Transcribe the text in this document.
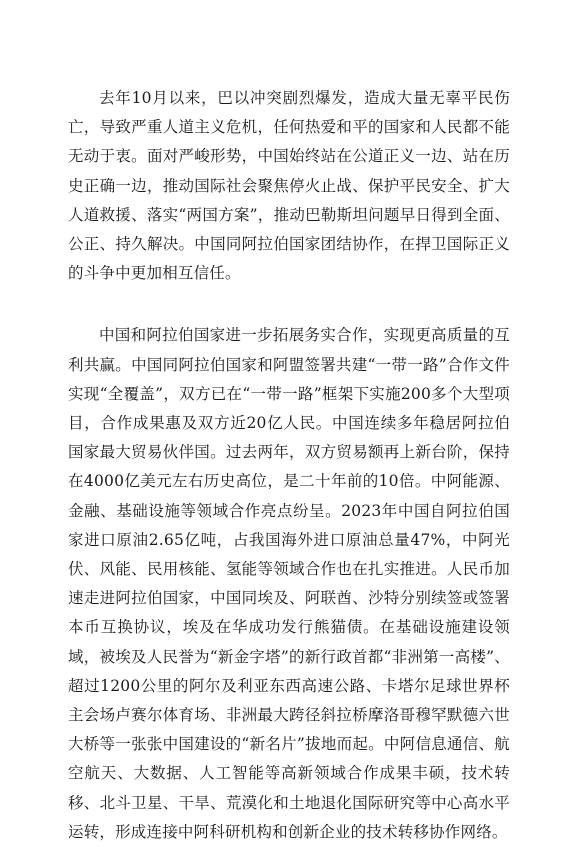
去年10月以来，巴以冲突剧烈爆发，造成大量无辜平民伤亡，导致严重人道主义危机，任何热爱和平的国家和人民都不能无动于衷。面对严峻形势，中国始终站在公道正义一边、站在历史正确一边，推动国际社会聚焦停火止战、保护平民安全、扩大人道救援、落实“两国方案”，推动巴勒斯坦问题早日得到全面、公正、持久解决。中国同阿拉伯国家团结协作，在捍卫国际正义的斗争中更加相互信任。

中国和阿拉伯国家进一步拓展务实合作，实现更高质量的互利共赢。中国同阿拉伯国家和阿盟签署共建“一带一路”合作文件实现“全覆盖”，双方已在“一带一路”框架下实施200多个大型项目，合作成果惠及双方近20亿人民。中国连续多年稳居阿拉伯国家最大贸易伙伴国。过去两年，双方贸易额再上新台阶，保持在4000亿美元左右历史高位，是二十年前的10倍。中阿能源、金融、基础设施等领域合作亮点纷呈。2023年中国自阿拉伯国家进口原油2.65亿吨，占我国海外进口原油总量47%，中阿光伏、风能、民用核能、氢能等领域合作也在扎实推进。人民币加速走进阿拉伯国家，中国同埃及、阿联酋、沙特分别续签或签署本币互换协议，埃及在华成功发行熊猫债。在基础设施建设领域，被埃及人民誉为“新金字塔”的新行政首都“非洲第一高楼”、超过1200公里的阿尔及利亚东西高速公路、卡塔尔足球世界杯主会场卢赛尔体育场、非洲最大跨径斜拉桥摩洛哥穆罕默德六世大桥等一张张中国建设的“新名片”拔地而起。中阿信息通信、航空航天、大数据、人工智能等高新领域合作成果丰硕，技术转移、北斗卫星、干旱、荒漠化和土地退化国际研究等中心高水平运转，形成连接中阿科研机构和创新企业的技术转移协作网络。
